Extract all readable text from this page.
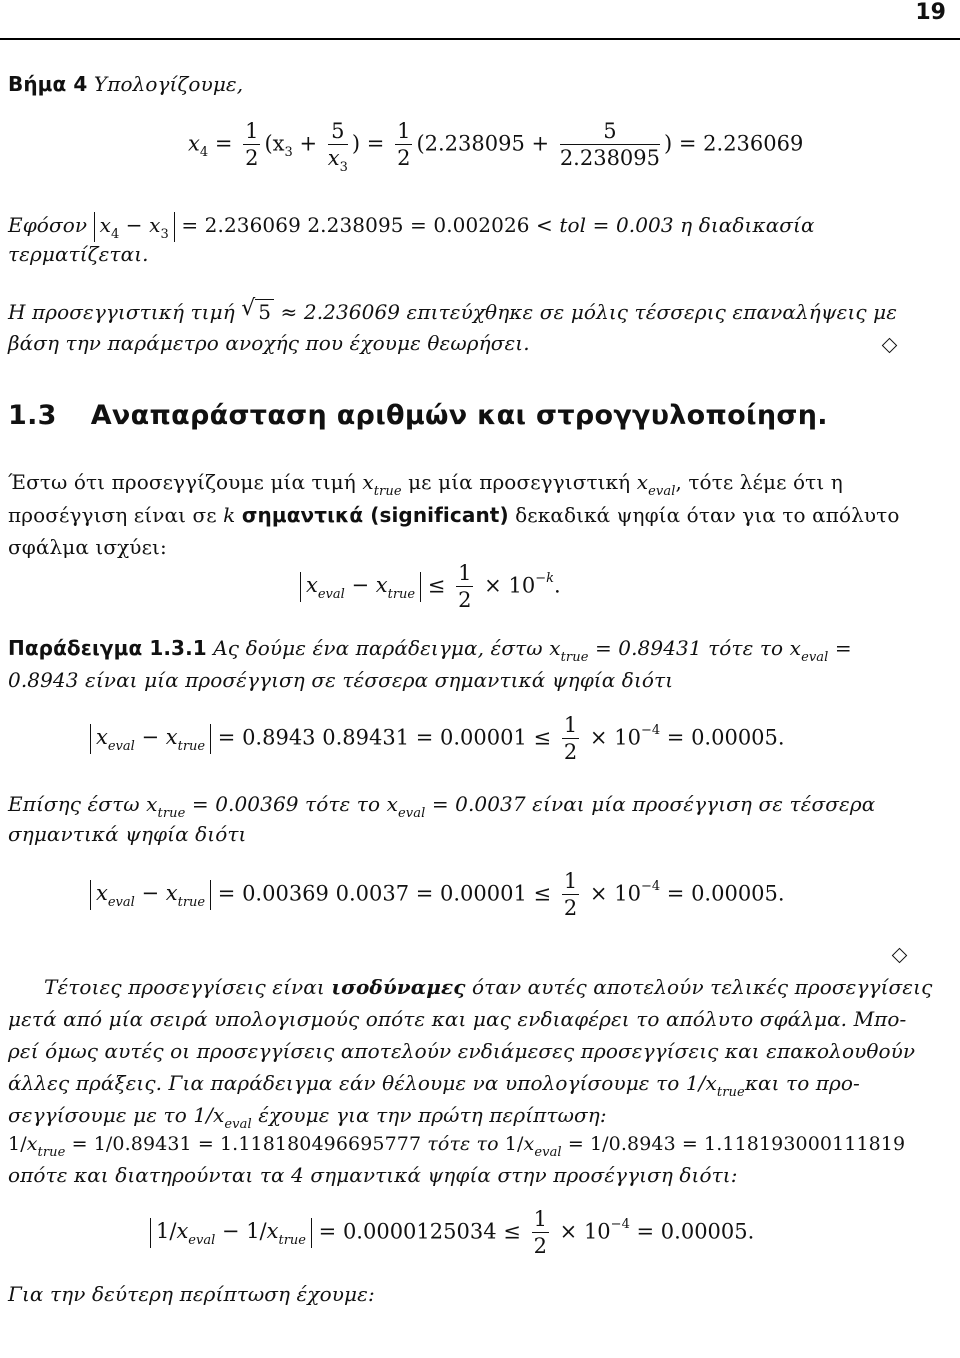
19
Βήμα 4 Υπολογίζουμε,
$x_4 = \frac{1}{2} (x_3 + \frac{5}{x_3}$ ) = $\frac{1}{2} (2.238095 + \frac{5}{2.238095}$ ) = 2.236069
Εφόσον $x_4 - x_3 = 2.236069$ 2.238095 = 0.002026 < tol = 0.003 η διαδικασία
τερματίζεται.
Η προσεγγιστική τιμή √ 5 ≈ 2.236069 επιτεύχθηκε σε μόλις τέσσερις επαναλήψεις με
βάση την παράμετρο ανοχής που έχουμε θεωρήσει.
1.3 Αναπαράσταση αριθμών και στρογγυλοποίηση.
Έστω ότι προσεγγίζουμε μία τιμή $x_{true}$ με μία προσεγγιστική $x_{eval}$, τότε λέμε ότι η
προσέγγιση είναι σε k σημαντικά (significant) δεκαδικά ψηφία όταν για το απόλυτο
σφάλμα ισχύει:
$x_{eval} - x_{true} \le \frac{1}{2} \times 10^{-k}$.
Παράδειγμα 1.3.1 Ας δούμε ένα παράδειγμα, έστω $x_{true} = 0.89431$ τότε το $x_{eval}$ =
0.8943 είναι μία προσέγγιση σε τέσσερα σημαντικά ψηφία διότι
$x_{eval} - x_{true} = 0.8943$ $0.89431 = 0.00001 \le \frac{1}{2} \times 10^{-4} = 0.00005$.
Επίσης έστω $x_{true} = 0.00369$ τότε το $x_{eval} = 0.0037$ είναι μία προσέγγιση σε τέσσερα
σημαντικά ψηφία διότι
$x_{eval} - x_{true} = 0.00369$ $0.0037 = 0.00001 \le \frac{1}{2} \times 10^{-4} = 0.00005$.
Τέτοιες προσεγγίσεις είναι ισοδύναμες όταν αυτές αποτελούν τελικές προσεγγίσεις
μετά από μία σειρά υπολογισμούς οπότε και μας ενδιαφέρει το απόλυτο σφάλμα. Μπο-
ρεί όμως αυτές οι προσεγγίσεις αποτελούν ενδιάμεσες προσεγγίσεις και επακολουθούν
άλλες πράξεις. Για παράδειγμα εάν θέλουμε να υπολογίσουμε το $1/x_{true}\kappa\alpha\iota$ το προ-
σεγγίσουμε με το $1/x_{eval}$ έχουμε για την πρώτη περίπτωση:
$1/x_{true} = 1/0.89431 = 1.118180496695777$ τότε το $1/x_{eval} = 1/0.8943 = 1.118193000111819$
οπότε και διατηρούνται τα 4 σημαντικά ψηφία στην προσέγγιση διότι:
$1/x_{eval} - 1/x_{true} = 0.0000125034 \le \frac{1}{2} \times 10^{-4} = 0.00005$.
Για την δεύτερη περίπτωση έχουμε:
